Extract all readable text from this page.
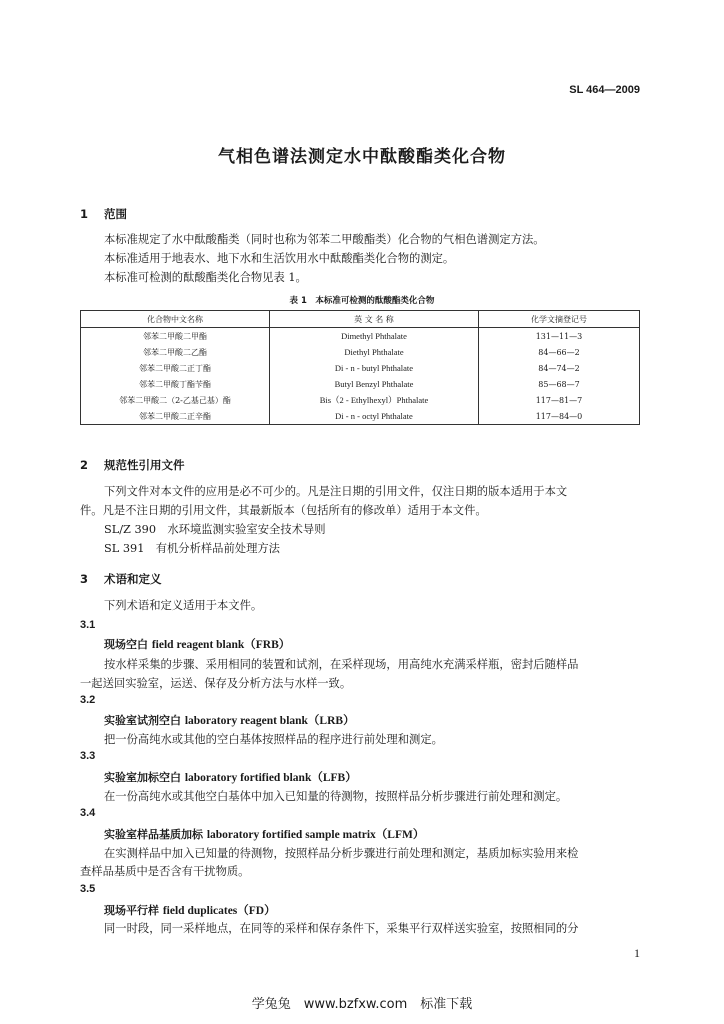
SL 464—2009
气相色谱法测定水中酞酸酯类化合物
1 范围
本标准规定了水中酞酸酯类（同时也称为邻苯二甲酸酯类）化合物的气相色谱测定方法。
本标准适用于地表水、地下水和生活饮用水中酞酸酯类化合物的测定。
本标准可检测的酞酸酯类化合物见表 1。
表 1　本标准可检测的酞酸酯类化合物
化合物中文名称	英 文 名 称	化学文摘登记号
邻苯二甲酸二甲酯	Dimethyl Phthalate	131—11—3
邻苯二甲酸二乙酯	Diethyl Phthalate	84—66—2
邻苯二甲酸二正丁酯	Di - n - butyl Phthalate	84—74—2
邻苯二甲酸丁酯苄酯	Butyl Benzyl Phthalate	85—68—7
邻苯二甲酸二（2-乙基己基）酯	Bis（2 - Ethylhexyl）Phthalate	117—81—7
邻苯二甲酸二正辛酯	Di - n - octyl Phthalate	117—84—0
2 规范性引用文件
下列文件对本文件的应用是必不可少的。凡是注日期的引用文件，仅注日期的版本适用于本文
件。凡是不注日期的引用文件，其最新版本（包括所有的修改单）适用于本文件。
SL/Z 390　水环境监测实验室安全技术导则
SL 391　有机分析样品前处理方法
3 术语和定义
下列术语和定义适用于本文件。
3.1
现场空白 field reagent blank（FRB）
按水样采集的步骤、采用相同的装置和试剂，在采样现场，用高纯水充满采样瓶，密封后随样品
一起送回实验室，运送、保存及分析方法与水样一致。
3.2
实验室试剂空白 laboratory reagent blank（LRB）
把一份高纯水或其他的空白基体按照样品的程序进行前处理和测定。
3.3
实验室加标空白 laboratory fortified blank（LFB）
在一份高纯水或其他空白基体中加入已知量的待测物，按照样品分析步骤进行前处理和测定。
3.4
实验室样品基质加标 laboratory fortified sample matrix（LFM）
在实测样品中加入已知量的待测物，按照样品分析步骤进行前处理和测定，基质加标实验用来检
查样品基质中是否含有干扰物质。
3.5
现场平行样 field duplicates（FD）
同一时段，同一采样地点，在同等的采样和保存条件下，采集平行双样送实验室，按照相同的分
1
学兔兔　www.bzfxw.com　标准下载
